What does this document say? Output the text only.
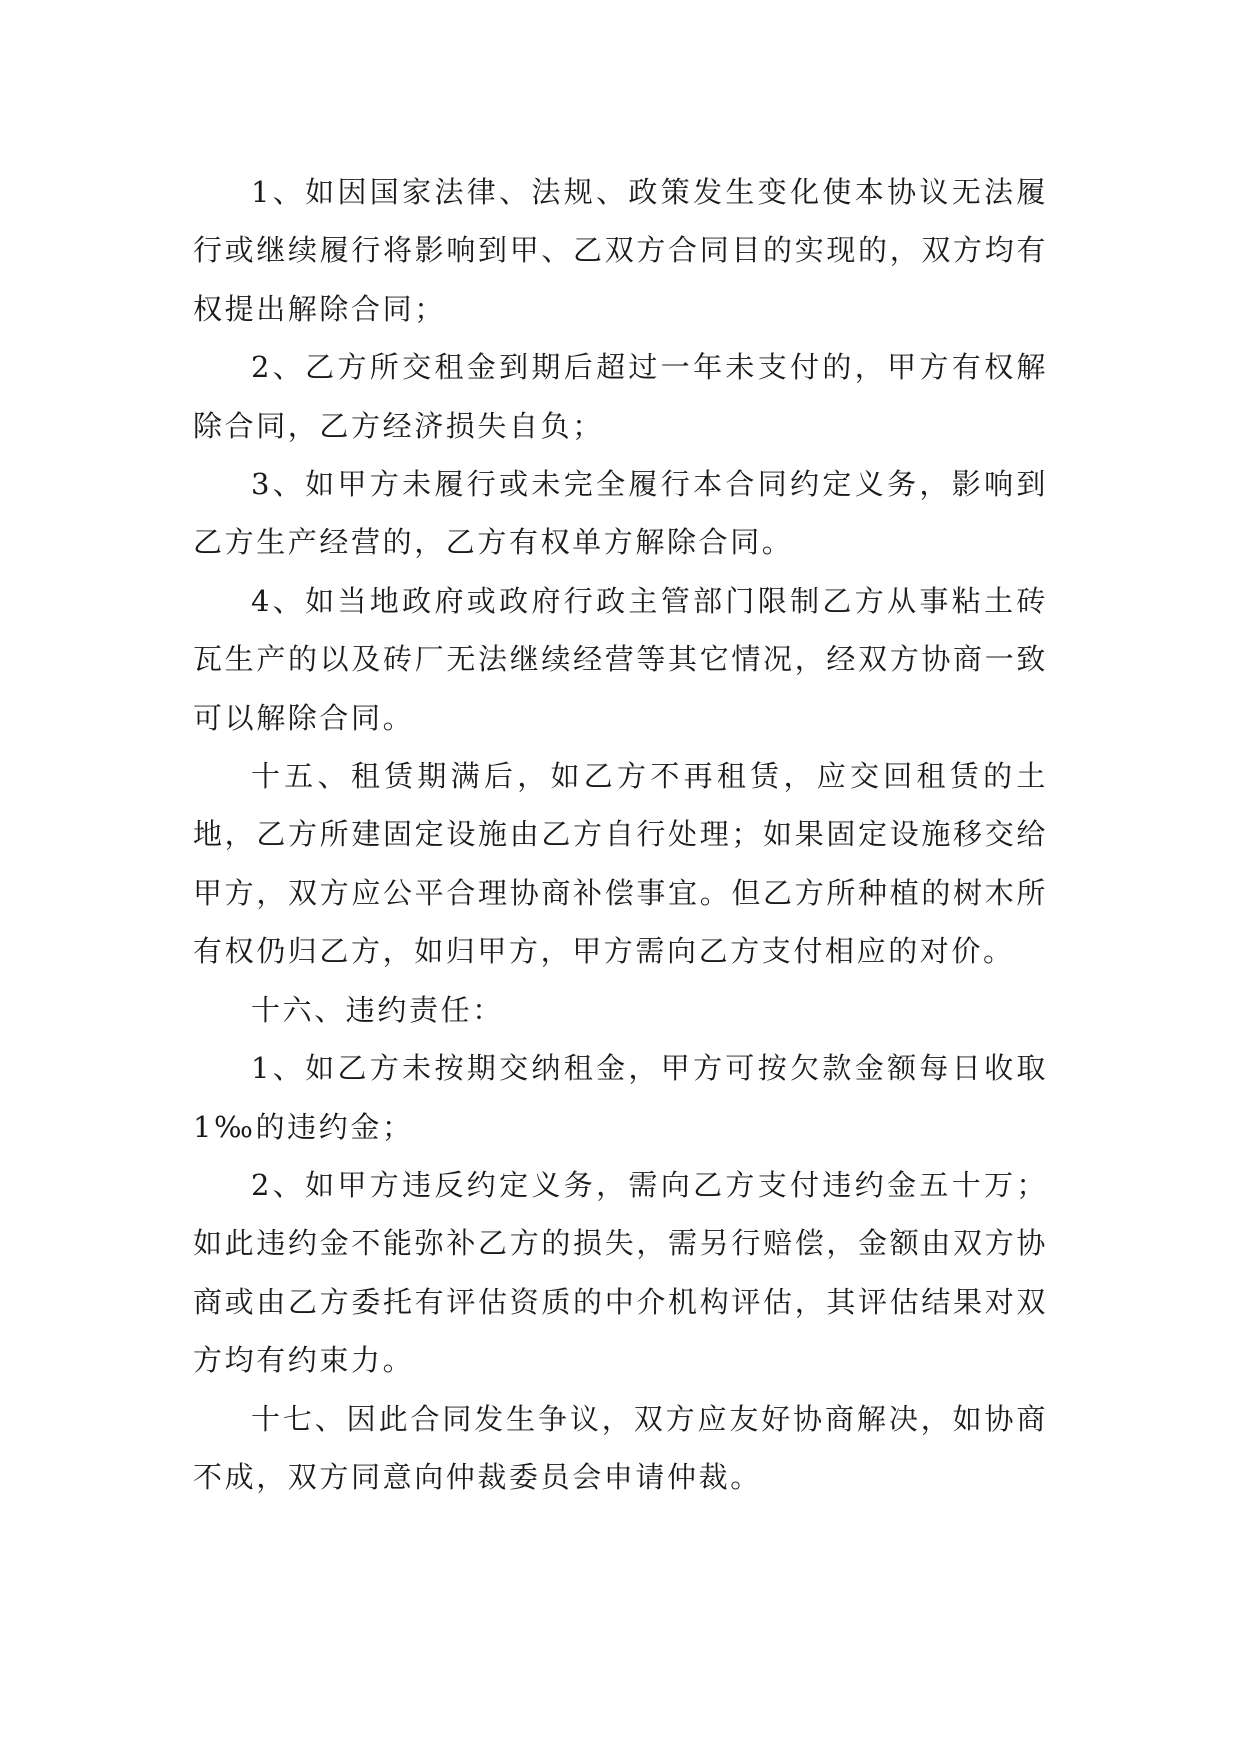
1、如因国家法律、法规、政策发生变化使本协议无法履行或继续履行将影响到甲、乙双方合同目的实现的，双方均有权提出解除合同；

2、乙方所交租金到期后超过一年未支付的，甲方有权解除合同，乙方经济损失自负；

3、如甲方未履行或未完全履行本合同约定义务，影响到乙方生产经营的，乙方有权单方解除合同。

4、如当地政府或政府行政主管部门限制乙方从事粘土砖瓦生产的以及砖厂无法继续经营等其它情况，经双方协商一致可以解除合同。

十五、租赁期满后，如乙方不再租赁，应交回租赁的土地，乙方所建固定设施由乙方自行处理；如果固定设施移交给甲方，双方应公平合理协商补偿事宜。但乙方所种植的树木所有权仍归乙方，如归甲方，甲方需向乙方支付相应的对价。

十六、违约责任：

1、如乙方未按期交纳租金，甲方可按欠款金额每日收取 1‰的违约金；

2、如甲方违反约定义务，需向乙方支付违约金五十万；如此违约金不能弥补乙方的损失，需另行赔偿，金额由双方协商或由乙方委托有评估资质的中介机构评估，其评估结果对双方均有约束力。

十七、因此合同发生争议，双方应友好协商解决，如协商不成，双方同意向仲裁委员会申请仲裁。
